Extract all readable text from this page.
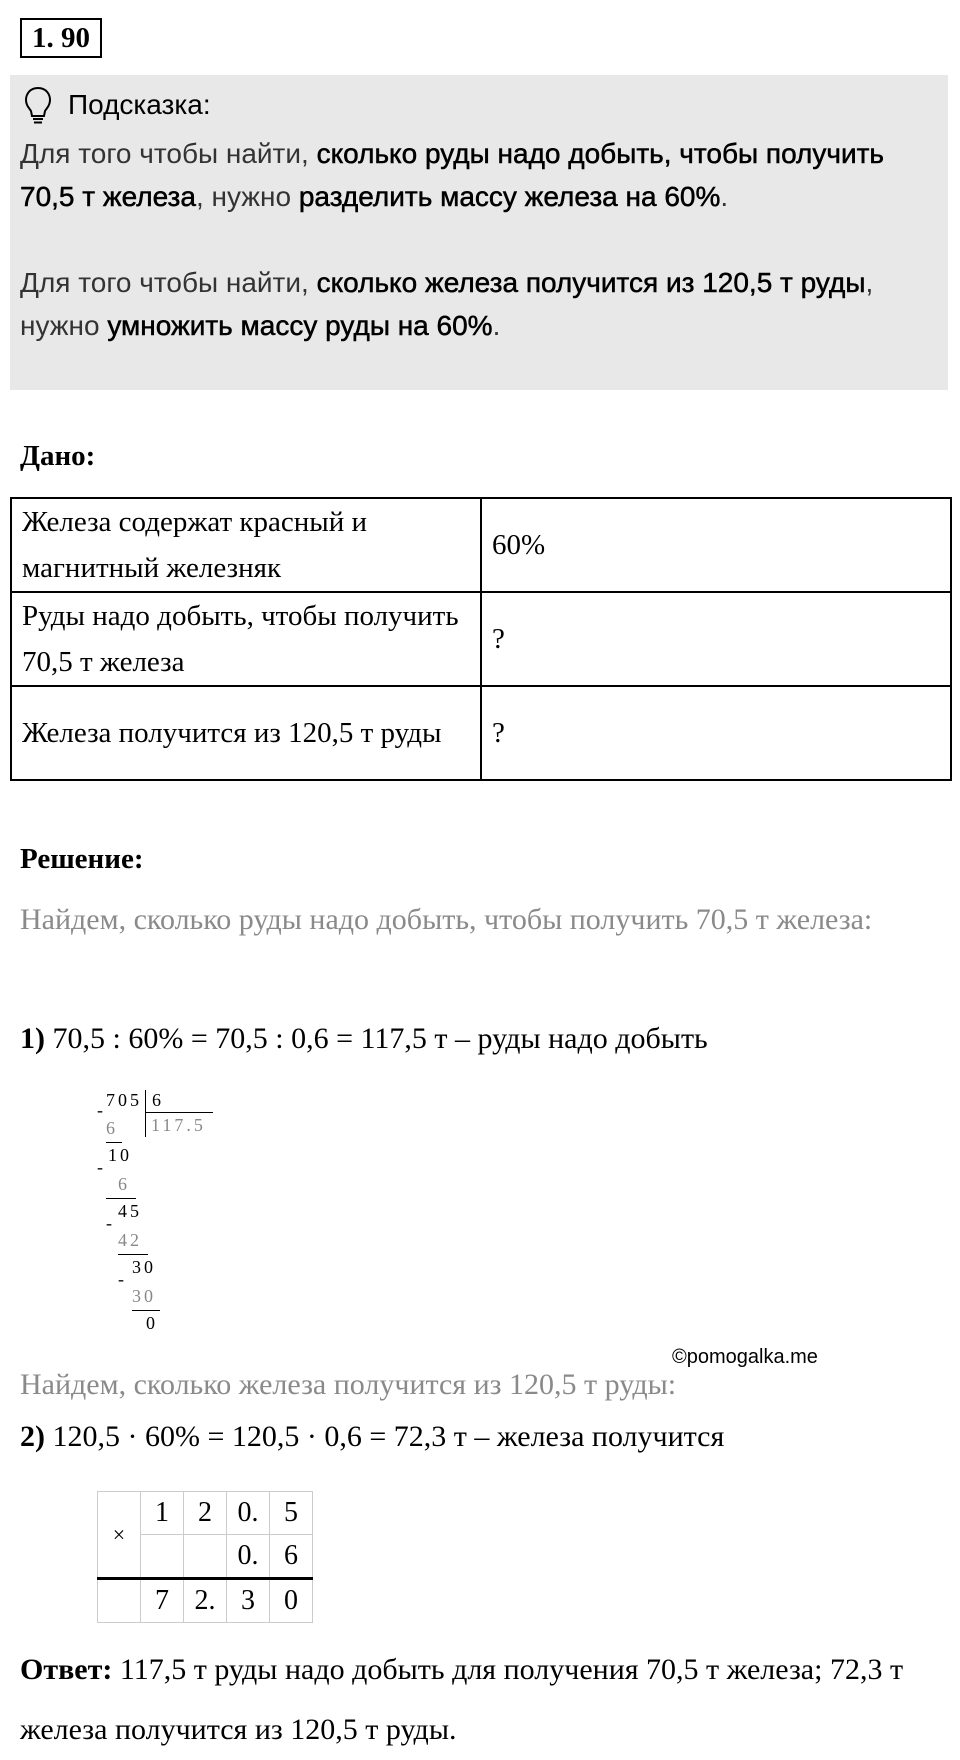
1. 90
Подсказка:
Для того чтобы найти, сколько руды надо добыть, чтобы получить 70,5 т железа, нужно разделить массу железа на 60%.
Для того чтобы найти, сколько железа получится из 120,5 т руды, нужно умножить массу руды на 60%.
Дано:
Железа содержат красный и магнитный железняк	60%
Руды надо добыть, чтобы получить 70,5 т железа	?
Железа получится из 120,5 т руды	?
Решение:
Найдем, сколько руды надо добыть, чтобы получить 70,5 т железа:
1) 70,5 : 60% = 70,5 : 0,6 = 117,5 т – руды надо добыть
705 6
117.5
-
6
10
-
6
45
-
42
30
-
30
0
©pomogalka.me
Найдем, сколько железа получится из 120,5 т руды:
2) 120,5 · 60% = 120,5 · 0,6 = 72,3 т – железа получится
×	1	2	0.	5
			0.	6
	7	2.	3	0
Ответ: 117,5 т руды надо добыть для получения 70,5 т железа; 72,3 т железа получится из 120,5 т руды.
